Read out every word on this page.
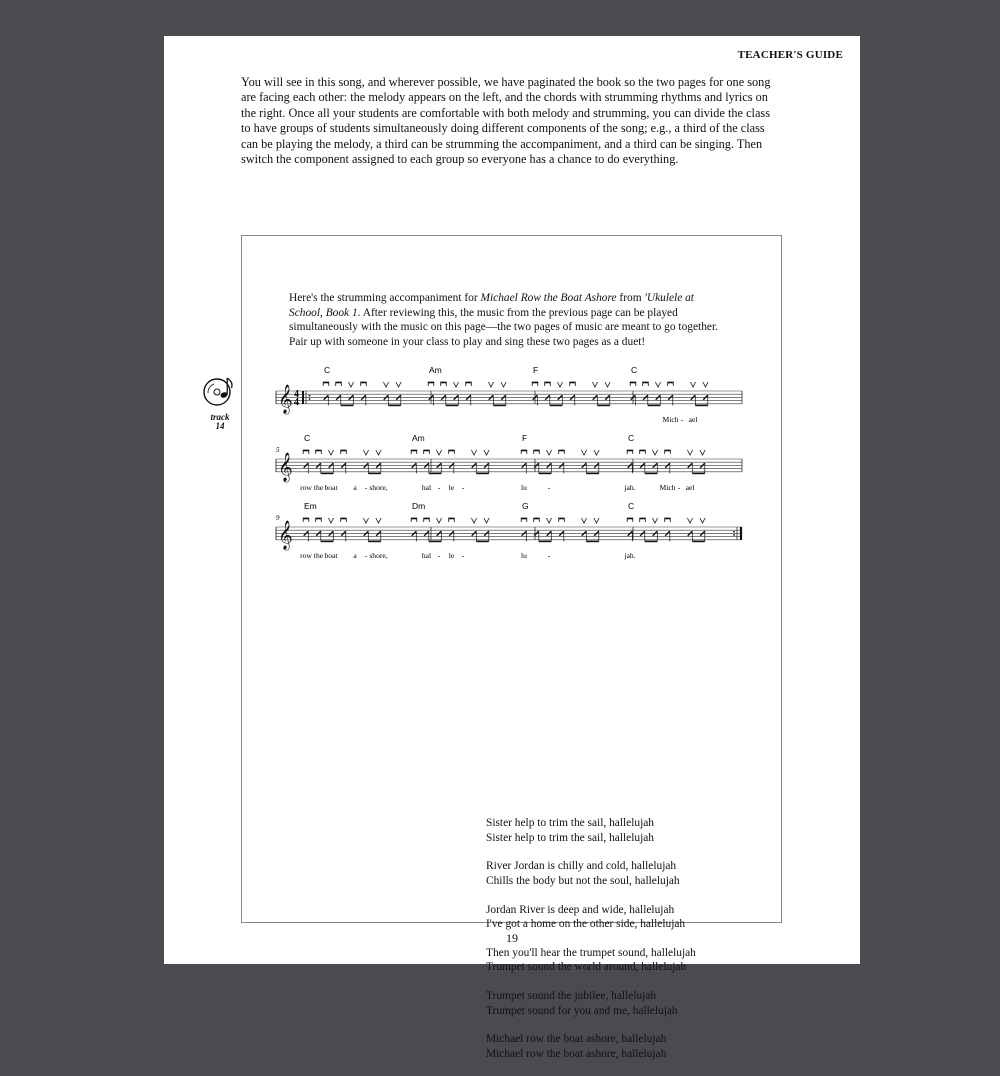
TEACHER'S GUIDE

You will see in this song, and wherever possible, we have paginated the book so the two pages for one song are facing each other: the melody appears on the left, and the chords with strumming rhythms and lyrics on the right. Once all your students are comfortable with both melody and strumming, you can divide the class to have groups of students simultaneously doing different components of the song; e.g., a third of the class can be playing the melody, a third can be strumming the accompaniment, and a third can be singing. Then switch the component assigned to each group so everyone has a chance to do everything.

Here's the strumming accompaniment for Michael Row the Boat Ashore from 'Ukulele at School, Book 1. After reviewing this, the music from the previous page can be played simultaneously with the music on this page—the two pages of music are meant to go together. Pair up with someone in your class to play and sing these two pages as a duet!

𝄞 4
4
C	Am	F	C
Mich - ael
𝄞
5
C
row the boat a - shore,
Am
hal - le -
F
lu	-
C
jah.	Mich - ael
𝄞
9
Em
row the boat a - shore,
Dm
hal - le -
G
lu	-
C
jah.
Sister help to trim the sail, hallelujah
Sister help to trim the sail, hallelujah
River Jordan is chilly and cold, hallelujah
Chills the body but not the soul, hallelujah
Jordan River is deep and wide, hallelujah
I've got a home on the other side, hallelujah
Then you'll hear the trumpet sound, hallelujah
Trumpet sound the world around, hallelujah
Trumpet sound the jubilee, hallelujah
Trumpet sound for you and me, hallelujah
Michael row the boat ashore, hallelujah
Michael row the boat ashore, hallelujah
track
14
19
